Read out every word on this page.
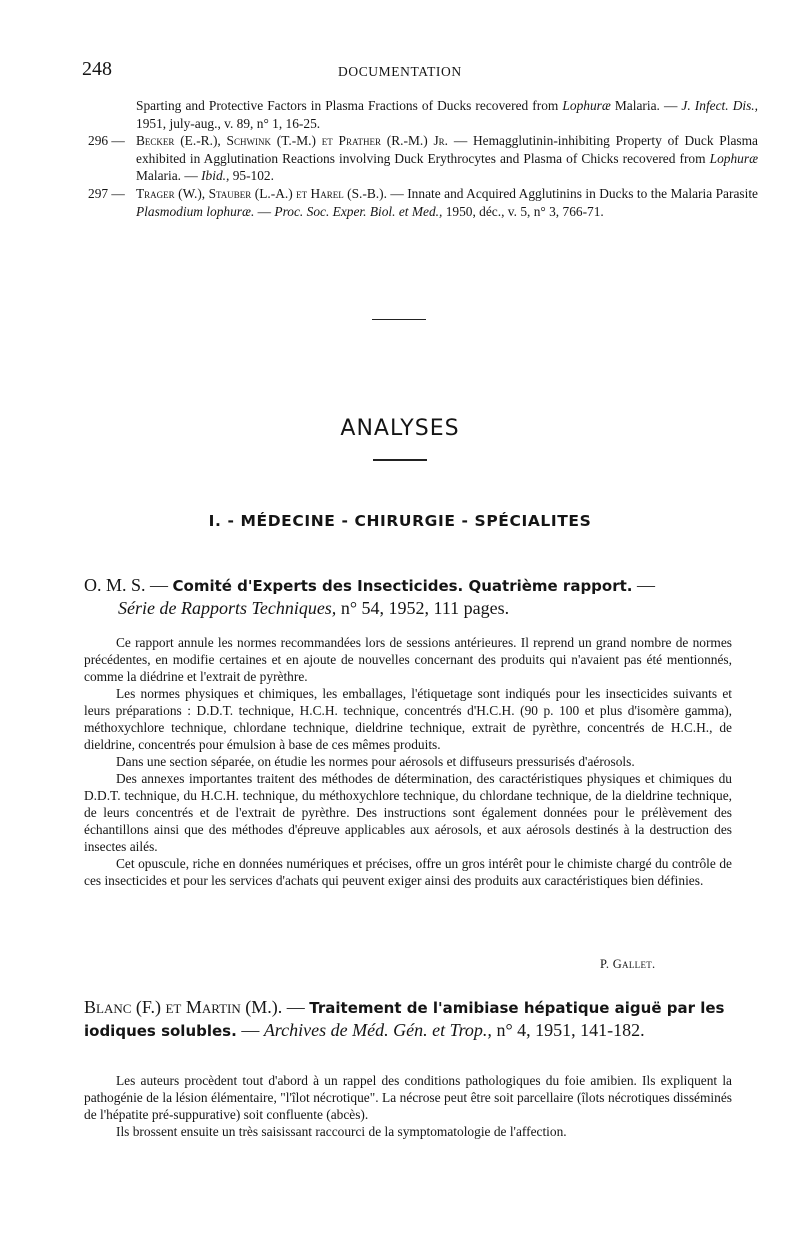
248	DOCUMENTATION

Sparting and Protective Factors in Plasma Fractions of Ducks recovered from Lophuræ Malaria. — J. Infect. Dis., 1951, july-aug., v. 89, n° 1, 16-25.

296 — Becker (E.-R.), Schwink (T.-M.) et Prather (R.-M.) Jr. — Hemagglutinin-inhibiting Property of Duck Plasma exhibited in Agglutination Reactions involving Duck Erythrocytes and Plasma of Chicks recovered from Lophuræ Malaria. — Ibid., 95-102.

297 — Trager (W.), Stauber (L.-A.) et Harel (S.-B.). — Innate and Acquired Agglutinins in Ducks to the Malaria Parasite Plasmodium lophuræ. — Proc. Soc. Exper. Biol. et Med., 1950, déc., v. 5, n° 3, 766-71.

ANALYSES
I. - MÉDECINE - CHIRURGIE - SPÉCIALITES
O. M. S. — Comité d'Experts des Insecticides. Quatrième rapport. —
Série de Rapports Techniques, n° 54, 1952, 111 pages.

Ce rapport annule les normes recommandées lors de sessions antérieures. Il reprend un grand nombre de normes précédentes, en modifie certaines et en ajoute de nouvelles concernant des produits qui n'avaient pas été mentionnés, comme la diédrine et l'extrait de pyrèthre.

Les normes physiques et chimiques, les emballages, l'étiquetage sont indiqués pour les insecticides suivants et leurs préparations : D.D.T. technique, H.C.H. technique, concentrés d'H.C.H. (90 p. 100 et plus d'isomère gamma), méthoxychlore technique, chlordane technique, dieldrine technique, extrait de pyrèthre, concentrés de H.C.H., de dieldrine, concentrés pour émulsion à base de ces mêmes produits.

Dans une section séparée, on étudie les normes pour aérosols et diffuseurs pressurisés d'aérosols.

Des annexes importantes traitent des méthodes de détermination, des caractéristiques physiques et chimiques du D.D.T. technique, du H.C.H. technique, du méthoxychlore technique, du chlordane technique, de la dieldrine technique, de leurs concentrés et de l'extrait de pyrèthre. Des instructions sont également données pour le prélèvement des échantillons ainsi que des méthodes d'épreuve applicables aux aérosols, et aux aérosols destinés à la destruction des insectes ailés.

Cet opuscule, riche en données numériques et précises, offre un gros intérêt pour le chimiste chargé du contrôle de ces insecticides et pour les services d'achats qui peuvent exiger ainsi des produits aux caractéristiques bien définies.

P. Gallet.
Blanc (F.) et Martin (M.). — Traitement de l'amibiase hépatique aiguë par les iodiques solubles. — Archives de Méd. Gén. et Trop., n° 4, 1951, 141-182.

Les auteurs procèdent tout d'abord à un rappel des conditions pathologiques du foie amibien. Ils expliquent la pathogénie de la lésion élémentaire, "l'îlot nécrotique". La nécrose peut être soit parcellaire (îlots nécrotiques disséminés de l'hépatite pré-suppurative) soit confluente (abcès).

Ils brossent ensuite un très saisissant raccourci de la symptomatologie de l'affection.
